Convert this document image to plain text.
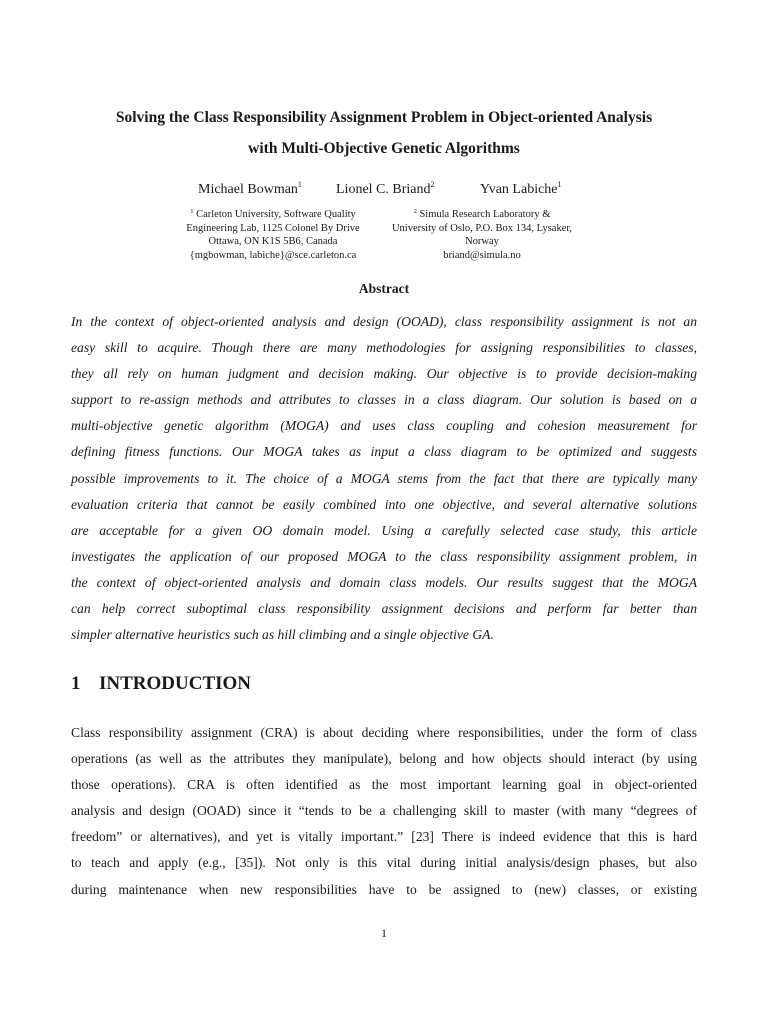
Solving the Class Responsibility Assignment Problem in Object-oriented Analysis
with Multi-Objective Genetic Algorithms
Michael Bowman$^1$ Lionel C. Briand$^2$	Yvan Labiche$^1$
$^1$ Carleton University, Software Quality
Engineering Lab, 1125 Colonel By Drive
Ottawa, ON K1S 5B6, Canada
{mgbowman, labiche}@sce.carleton.ca
$^2$ Simula Research Laboratory &
University of Oslo, P.O. Box 134, Lysaker,
Norway
briand@simula.no
Abstract

In the context of object-oriented analysis and design (OOAD), class responsibility assignment is not an
easy skill to acquire. Though there are many methodologies for assigning responsibilities to classes,
they all rely on human judgment and decision making. Our objective is to provide decision-making
support to re-assign methods and attributes to classes in a class diagram. Our solution is based on a
multi-objective genetic algorithm (MOGA) and uses class coupling and cohesion measurement for
defining fitness functions. Our MOGA takes as input a class diagram to be optimized and suggests
possible improvements to it. The choice of a MOGA stems from the fact that there are typically many
evaluation criteria that cannot be easily combined into one objective, and several alternative solutions
are acceptable for a given OO domain model. Using a carefully selected case study, this article
investigates the application of our proposed MOGA to the class responsibility assignment problem, in
the context of object-oriented analysis and domain class models. Our results suggest that the MOGA
can help correct suboptimal class responsibility assignment decisions and perform far better than
simpler alternative heuristics such as hill climbing and a single objective GA.

1 INTRODUCTION

Class responsibility assignment (CRA) is about deciding where responsibilities, under the form of class
operations (as well as the attributes they manipulate), belong and how objects should interact (by using
those operations). CRA is often identified as the most important learning goal in object-oriented
analysis and design (OOAD) since it “tends to be a challenging skill to master (with many “degrees of
freedom” or alternatives), and yet is vitally important.” [23] There is indeed evidence that this is hard
to teach and apply (e.g., [35]). Not only is this vital during initial analysis/design phases, but also
during maintenance when new responsibilities have to be assigned to (new) classes, or existing

1
